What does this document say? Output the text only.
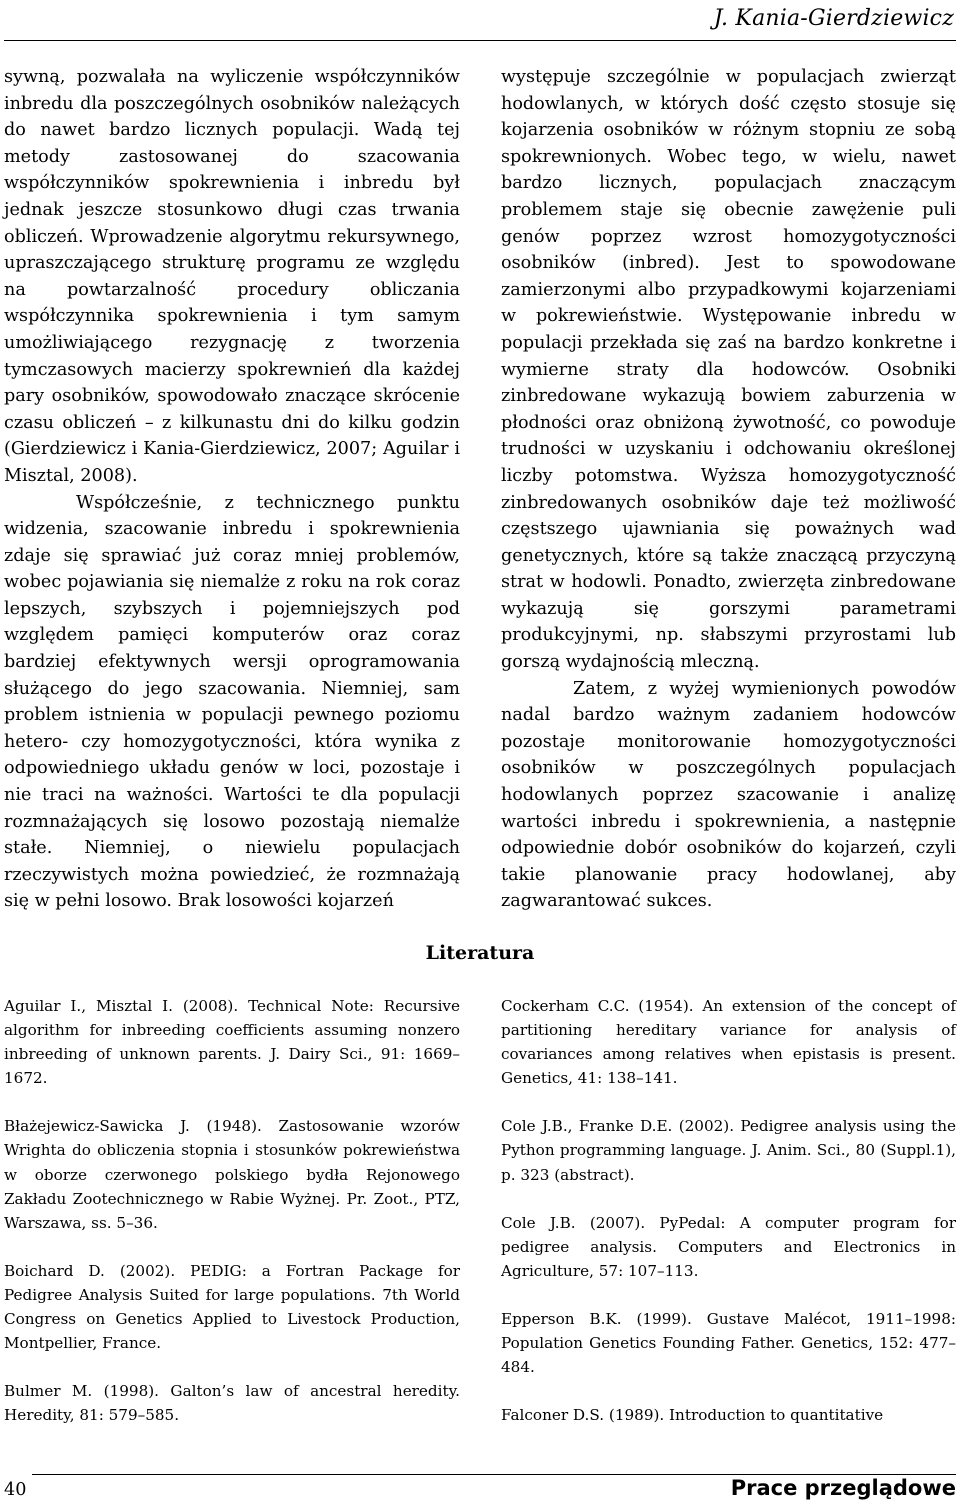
J. Kania-Gierdziewicz

sywną, pozwalała na wyliczenie współczynników inbredu dla poszczególnych osobników należących do nawet bardzo licznych populacji. Wadą tej metody zastosowanej do szacowania współczynników spokrewnienia i inbredu był jednak jeszcze stosunkowo długi czas trwania obliczeń. Wprowadzenie algorytmu rekursywnego, upraszczającego strukturę programu ze względu na powtarzalność procedury obliczania współczynnika spokrewnienia i tym samym umożliwiającego rezygnację z tworzenia tymczasowych macierzy spokrewnień dla każdej pary osobników, spowodowało znaczące skrócenie czasu obliczeń – z kilkunastu dni do kilku godzin (Gierdziewicz i Kania-Gierdziewicz, 2007; Aguilar i Misztal, 2008).

Współcześnie, z technicznego punktu widzenia, szacowanie inbredu i spokrewnienia zdaje się sprawiać już coraz mniej problemów, wobec pojawiania się niemalże z roku na rok coraz lepszych, szybszych i pojemniejszych pod względem pamięci komputerów oraz coraz bardziej efektywnych wersji oprogramowania służącego do jego szacowania. Niemniej, sam problem istnienia w populacji pewnego poziomu hetero- czy homozygotyczności, która wynika z odpowiedniego układu genów w loci, pozostaje i nie traci na ważności. Wartości te dla populacji rozmnażających się losowo pozostają niemalże stałe. Niemniej, o niewielu populacjach rzeczywistych można powiedzieć, że rozmnażają się w pełni losowo. Brak losowości kojarzeń

występuje szczególnie w populacjach zwierząt hodowlanych, w których dość często stosuje się kojarzenia osobników w różnym stopniu ze sobą spokrewnionych. Wobec tego, w wielu, nawet bardzo licznych, populacjach znaczącym problemem staje się obecnie zawężenie puli genów poprzez wzrost homozygotyczności osobników (inbred). Jest to spowodowane zamierzonymi albo przypadkowymi kojarzeniami w pokrewieństwie. Występowanie inbredu w populacji przekłada się zaś na bardzo konkretne i wymierne straty dla hodowców. Osobniki zinbredowane wykazują bowiem zaburzenia w płodności oraz obniżoną żywotność, co powoduje trudności w uzyskaniu i odchowaniu określonej liczby potomstwa. Wyższa homozygotyczność zinbredowanych osobników daje też możliwość częstszego ujawniania się poważnych wad genetycznych, które są także znaczącą przyczyną strat w hodowli. Ponadto, zwierzęta zinbredowane wykazują się gorszymi parametrami produkcyjnymi, np. słabszymi przyrostami lub gorszą wydajnością mleczną.

Zatem, z wyżej wymienionych powodów nadal bardzo ważnym zadaniem hodowców pozostaje monitorowanie homozygotyczności osobników w poszczególnych populacjach hodowlanych poprzez szacowanie i analizę wartości inbredu i spokrewnienia, a następnie odpowiednie dobór osobników do kojarzeń, czyli takie planowanie pracy hodowlanej, aby zagwarantować sukces.

Literatura

Aguilar I., Misztal I. (2008). Technical Note: Recursive algorithm for inbreeding coefficients assuming nonzero inbreeding of unknown parents. J. Dairy Sci., 91: 1669–1672.

Błażejewicz-Sawicka J. (1948). Zastosowanie wzorów Wrighta do obliczenia stopnia i stosunków pokrewieństwa w oborze czerwonego polskiego bydła Rejonowego Zakładu Zootechnicznego w Rabie Wyżnej. Pr. Zoot., PTZ, Warszawa, ss. 5–36.

Boichard D. (2002). PEDIG: a Fortran Package for Pedigree Analysis Suited for large populations. 7th World Congress on Genetics Applied to Livestock Production, Montpellier, France.

Bulmer M. (1998). Galton’s law of ancestral heredity. Heredity, 81: 579–585.

Cockerham C.C. (1954). An extension of the concept of partitioning hereditary variance for analysis of covariances among relatives when epistasis is present. Genetics, 41: 138–141.

Cole J.B., Franke D.E. (2002). Pedigree analysis using the Python programming language. J. Anim. Sci., 80 (Suppl.1), p. 323 (abstract).

Cole J.B. (2007). PyPedal: A computer program for pedigree analysis. Computers and Electronics in Agriculture, 57: 107–113.

Epperson B.K. (1999). Gustave Malécot, 1911–1998: Population Genetics Founding Father. Genetics, 152: 477–484.

Falconer D.S. (1989). Introduction to quantitative

40	Prace przeglądowe
